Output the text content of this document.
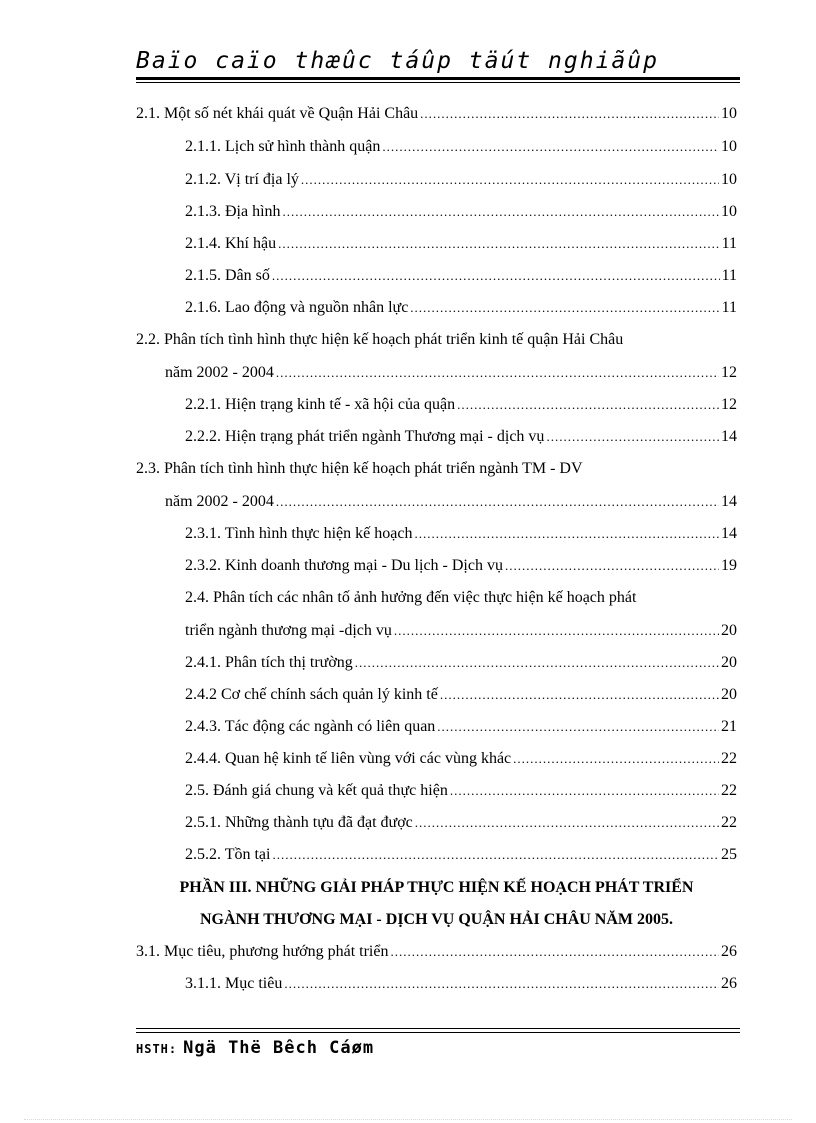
Baïo caïo thæûc táûp täút nghiãûp
2.1. Một số nét khái quát về Quận Hải Châu .....	10
2.1.1. Lịch sử hình thành quận .....	10
2.1.2. Vị trí địa lý .....	10
2.1.3. Địa hình .....	10
2.1.4. Khí hậu .....	11
2.1.5. Dân số .....	11
2.1.6. Lao động và nguồn nhân lực .....	11
2.2. Phân tích tình hình thực hiện kế hoạch phát triển kinh tế quận Hải Châu
năm 2002 - 2004 .....	12
2.2.1. Hiện trạng kinh tế - xã hội của quận .....	12
2.2.2. Hiện trạng phát triển ngành Thương mại - dịch vụ .....	14
2.3. Phân tích tình hình thực hiện kế hoạch phát triển ngành TM - DV
năm 2002 - 2004 .....	14
2.3.1. Tình hình thực hiện kế hoạch .....	14
2.3.2. Kinh doanh thương mại - Du lịch - Dịch vụ .....	19
2.4. Phân tích các nhân tố ảnh hưởng đến việc thực hiện kế hoạch phát
triển ngành thương mại -dịch vụ .....	20
2.4.1. Phân tích thị trường .....	20
2.4.2 Cơ chế chính sách quản lý kinh tế .....	20
2.4.3. Tác động các ngành có liên quan .....	21
2.4.4. Quan hệ kinh tế liên vùng với các vùng khác .....	22
2.5. Đánh giá chung và kết quả thực hiện .....	22
2.5.1. Những thành tựu đã đạt được .....	22
2.5.2. Tồn tại .....	25
PHẦN III. NHỮNG GIẢI PHÁP THỰC HIỆN KẾ HOẠCH PHÁT TRIỂN
NGÀNH THƯƠNG MẠI - DỊCH VỤ QUẬN HẢI CHÂU NĂM 2005.
3.1. Mục tiêu, phương hướng phát triển .....	26
3.1.1. Mục tiêu .....	26
HSTH: Ngä Thë Bêch Cáøm
